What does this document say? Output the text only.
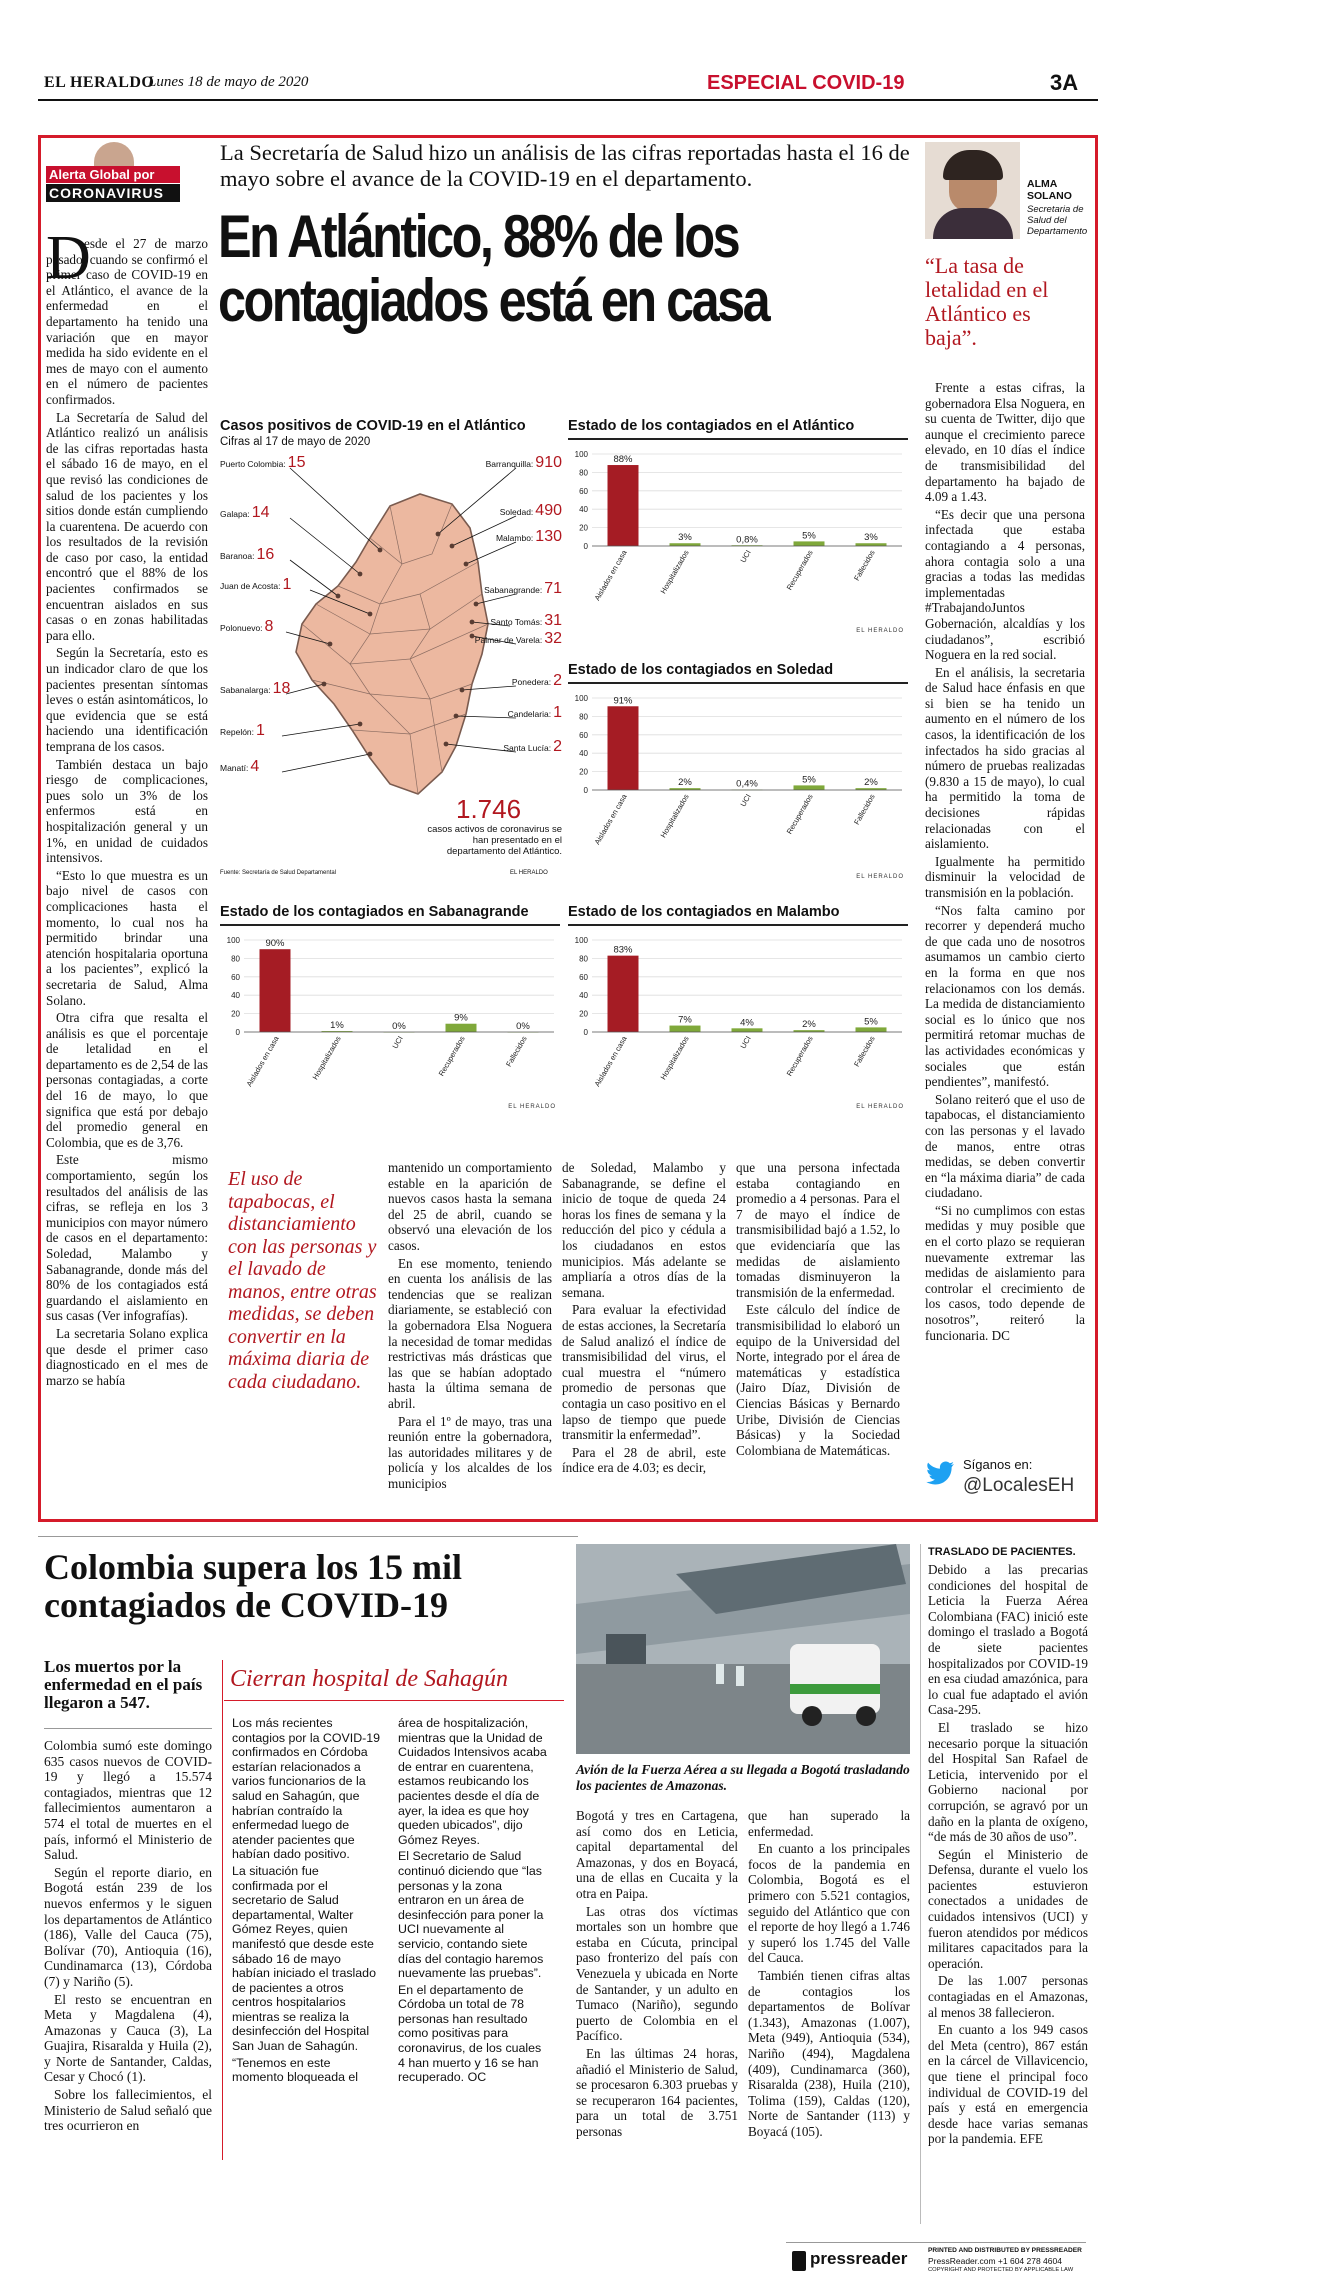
EL HERALDO
Lunes 18 de mayo de 2020	ESPECIAL COVID-19	3A
Alerta Global por
CORONAVIRUS
La Secretaría de Salud hizo un análisis de las cifras reportadas hasta el 16 de mayo sobre el avance de la COVID-19 en el departamento.
En Atlántico, 88% de los
contagiados está en casa
ALMA SOLANO
Secretaria de Salud del Departamento
“La tasa de letalidad en el Atlántico es baja”.
D

esde el 27 de marzo pasado, cuando se confirmó el primer caso de COVID-19 en el Atlántico, el avance de la enfermedad en el departamento ha tenido una variación que en mayor medida ha sido evidente en el mes de mayo con el aumento en el número de pacientes confirmados.

La Secretaría de Salud del Atlántico realizó un análisis de las cifras reportadas hasta el sábado 16 de mayo, en el que revisó las condiciones de salud de los pacientes y los sitios donde están cumpliendo la cuarentena. De acuerdo con los resultados de la revisión de caso por caso, la entidad encontró que el 88% de los pacientes confirmados se encuentran aislados en sus casas o en zonas habilitadas para ello.

Según la Secretaría, esto es un indicador claro de que los pacientes presentan síntomas leves o están asintomáticos, lo que evidencia que se está haciendo una identificación temprana de los casos.

También destaca un bajo riesgo de complicaciones, pues solo un 3% de los enfermos está en hospitalización general y un 1%, en unidad de cuidados intensivos.

“Esto lo que muestra es un bajo nivel de casos con complicaciones hasta el momento, lo cual nos ha permitido brindar una atención hospitalaria oportuna a los pacientes”, explicó la secretaria de Salud, Alma Solano.

Otra cifra que resalta el análisis es que el porcentaje de letalidad en el departamento es de 2,54 de las personas contagiadas, a corte del 16 de mayo, lo que significa que está por debajo del promedio general en Colombia, que es de 3,76.

Este mismo comportamiento, según los resultados del análisis de las cifras, se refleja en los 3 municipios con mayor número de casos en el departamento: Soledad, Malambo y Sabanagrande, donde más del 80% de los contagiados está guardando el aislamiento en sus casas (Ver infografías).

La secretaria Solano explica que desde el primer caso diagnosticado en el mes de marzo se había

Frente a estas cifras, la gobernadora Elsa Noguera, en su cuenta de Twitter, dijo que aunque el crecimiento parece elevado, en 10 días el índice de transmisibilidad del departamento ha bajado de 4.09 a 1.43.

“Es decir que una persona infectada que estaba contagiando a 4 personas, ahora contagia solo a una gracias a todas las medidas implementadas #TrabajandoJuntos Gobernación, alcaldías y los ciudadanos”, escribió Noguera en la red social.

En el análisis, la secretaria de Salud hace énfasis en que si bien se ha tenido un aumento en el número de los casos, la identificación de los infectados ha sido gracias al número de pruebas realizadas (9.830 a 15 de mayo), lo cual ha permitido la toma de decisiones rápidas relacionadas con el aislamiento.

Igualmente ha permitido disminuir la velocidad de transmisión en la población.

“Nos falta camino por recorrer y dependerá mucho de que cada uno de nosotros asumamos un cambio cierto en la forma en que nos relacionamos con los demás. La medida de distanciamiento social es lo único que nos permitirá retomar muchas de las actividades económicas y sociales que están pendientes”, manifestó.

Solano reiteró que el uso de tapabocas, el distanciamiento con las personas y el lavado de manos, entre otras medidas, se deben convertir en “la máxima diaria” de cada ciudadano.

“Si no cumplimos con estas medidas y muy posible que en el corto plazo se requieran nuevamente extremar las medidas de aislamiento para controlar el crecimiento de los casos, todo depende de nosotros”, reiteró la funcionaria. DC

Síganos en:
@LocalesEH
Casos positivos de COVID-19 en el Atlántico
Cifras al 17 de mayo de 2020
Puerto Colombia: 15
Galapa: 14
Baranoa: 16
Juan de Acosta: 1
Polonuevo: 8
Sabanalarga: 18
Repelón: 1
Manatí: 4
Barranquilla: 910
Soledad: 490
Malambo: 130
Sabanagrande: 71
Santo Tomás: 31
Palmar de Varela: 32
Ponedera: 2
Candelaria: 1
Santa Lucía: 2
1.746
casos activos de coronavirus se han presentado en el departamento del Atlántico.
Fuente: Secretaría de Salud Departamental	EL HERALDO
Estado de los contagiados en el Atlántico
0
20
40
60
80
100	88%
Aislados en casa
3%
Hospitalizados
0,8%
UCI
5%
Recuperados
3%
Fallecidos
EL HERALDO
Estado de los contagiados en Soledad
0
20
40
60
80
100	91%
Aislados en casa
2%
Hospitalizados
0,4%
UCI
5%
Recuperados
2%
Fallecidos
EL HERALDO
Estado de los contagiados en Sabanagrande
0
20
40
60
80
100	90%
Aislados en casa
1%
Hospitalizados
0%
UCI
9%
Recuperados
0%
Fallecidos
EL HERALDO
Estado de los contagiados en Malambo
0
20
40
60
80
100
83%
Aislados en casa
7%
Hospitalizados
4%
UCI
2%
Recuperados
5%
Fallecidos
EL HERALDO
El uso de tapabocas, el distanciamiento con las personas y el lavado de manos, entre otras medidas, se deben convertir en la máxima diaria de cada ciudadano.

mantenido un comportamiento estable en la aparición de nuevos casos hasta la semana del 25 de abril, cuando se observó una elevación de los casos.

En ese momento, teniendo en cuenta los análisis de las tendencias que se realizan diariamente, se estableció con la gobernadora Elsa Noguera la necesidad de tomar medidas restrictivas más drásticas que las que se habían adoptado hasta la última semana de abril.

Para el 1º de mayo, tras una reunión entre la gobernadora, las autoridades militares y de policía y los alcaldes de los municipios

de Soledad, Malambo y Sabanagrande, se define el inicio de toque de queda 24 horas los fines de semana y la reducción del pico y cédula a los ciudadanos en estos municipios. Más adelante se ampliaría a otros días de la semana.

Para evaluar la efectividad de estas acciones, la Secretaría de Salud analizó el índice de transmisibilidad del virus, el cual muestra el “número promedio de personas que contagia un caso positivo en el lapso de tiempo que puede transmitir la enfermedad”.

Para el 28 de abril, este índice era de 4.03; es decir,

que una persona infectada estaba contagiando en promedio a 4 personas. Para el 7 de mayo el índice de transmisibilidad bajó a 1.52, lo que evidenciaría que las medidas de aislamiento tomadas disminuyeron la transmisión de la enfermedad.

Este cálculo del índice de transmisibilidad lo elaboró un equipo de la Universidad del Norte, integrado por el área de matemáticas y estadística (Jairo Díaz, División de Ciencias Básicas y Bernardo Uribe, División de Ciencias Básicas) y la Sociedad Colombiana de Matemáticas.

Colombia supera los 15 mil
contagiados de COVID-19
Los muertos por la enfermedad en el país llegaron a 547.

Colombia sumó este domingo 635 casos nuevos de COVID-19 y llegó a 15.574 contagiados, mientras que 12 fallecimientos aumentaron a 574 el total de muertes en el país, informó el Ministerio de Salud.

Según el reporte diario, en Bogotá están 239 de los nuevos enfermos y le siguen los departamentos de Atlántico (186), Valle del Cauca (75), Bolívar (70), Antioquia (16), Cundinamarca (13), Córdoba (7) y Nariño (5).

El resto se encuentran en Meta y Magdalena (4), Amazonas y Cauca (3), La Guajira, Risaralda y Huila (2), y Norte de Santander, Caldas, Cesar y Chocó (1).

Sobre los fallecimientos, el Ministerio de Salud señaló que tres ocurrieron en

Cierran hospital de Sahagún

Los más recientes contagios por la COVID-19 confirmados en Córdoba estarían relacionados a varios funcionarios de la salud en Sahagún, que habrían contraído la enfermedad luego de atender pacientes que habían dado positivo.

La situación fue confirmada por el secretario de Salud departamental, Walter Gómez Reyes, quien manifestó que desde este sábado 16 de mayo habían iniciado el traslado de pacientes a otros centros hospitalarios mientras se realiza la desinfección del Hospital San Juan de Sahagún.

“Tenemos en este momento bloqueada el

área de hospitalización, mientras que la Unidad de Cuidados Intensivos acaba de entrar en cuarentena, estamos reubicando los pacientes desde el día de ayer, la idea es que hoy queden ubicados”, dijo Gómez Reyes.

El Secretario de Salud continuó diciendo que “las personas y la zona entraron en un área de desinfección para poner la UCI nuevamente al servicio, contando siete días del contagio haremos nuevamente las pruebas”.

En el departamento de Córdoba un total de 78 personas han resultado como positivas para coronavirus, de los cuales 4 han muerto y 16 se han recuperado. OC

Avión de la Fuerza Aérea a su llegada a Bogotá trasladando los pacientes de Amazonas.

Bogotá y tres en Cartagena, así como dos en Leticia, capital departamental del Amazonas, y dos en Boyacá, una de ellas en Cucaita y la otra en Paipa.

Las otras dos víctimas mortales son un hombre que estaba en Cúcuta, principal paso fronterizo del país con Venezuela y ubicada en Norte de Santander, y un adulto en Tumaco (Nariño), segundo puerto de Colombia en el Pacífico.

En las últimas 24 horas, añadió el Ministerio de Salud, se procesaron 6.303 pruebas y se recuperaron 164 pacientes, para un total de 3.751 personas

que han superado la enfermedad.

En cuanto a los principales focos de la pandemia en Colombia, Bogotá es el primero con 5.521 contagios, seguido del Atlántico que con el reporte de hoy llegó a 1.746 y superó los 1.745 del Valle del Cauca.

También tienen cifras altas de contagios los departamentos de Bolívar (1.343), Amazonas (1.007), Meta (949), Antioquia (534), Nariño (494), Magdalena (409), Cundinamarca (360), Risaralda (238), Huila (210), Tolima (159), Caldas (120), Norte de Santander (113) y Boyacá (105).

TRASLADO DE PACIENTES.

Debido a las precarias condiciones del hospital de Leticia la Fuerza Aérea Colombiana (FAC) inició este domingo el traslado a Bogotá de siete pacientes hospitalizados por COVID-19 en esa ciudad amazónica, para lo cual fue adaptado el avión Casa-295.

El traslado se hizo necesario porque la situación del Hospital San Rafael de Leticia, intervenido por el Gobierno nacional por corrupción, se agravó por un daño en la planta de oxígeno, “de más de 30 años de uso”.

Según el Ministerio de Defensa, durante el vuelo los pacientes estuvieron conectados a unidades de cuidados intensivos (UCI) y fueron atendidos por médicos militares capacitados para la operación.

De las 1.007 personas contagiadas en el Amazonas, al menos 38 fallecieron.

En cuanto a los 949 casos del Meta (centro), 867 están en la cárcel de Villavicencio, que tiene el principal foco individual de COVID-19 del país y está en emergencia desde hace varias semanas por la pandemia. EFE

pressreader	PRINTED AND DISTRIBUTED BY PRESSREADER
PressReader.com +1 604 278 4604
COPYRIGHT AND PROTECTED BY APPLICABLE LAW
